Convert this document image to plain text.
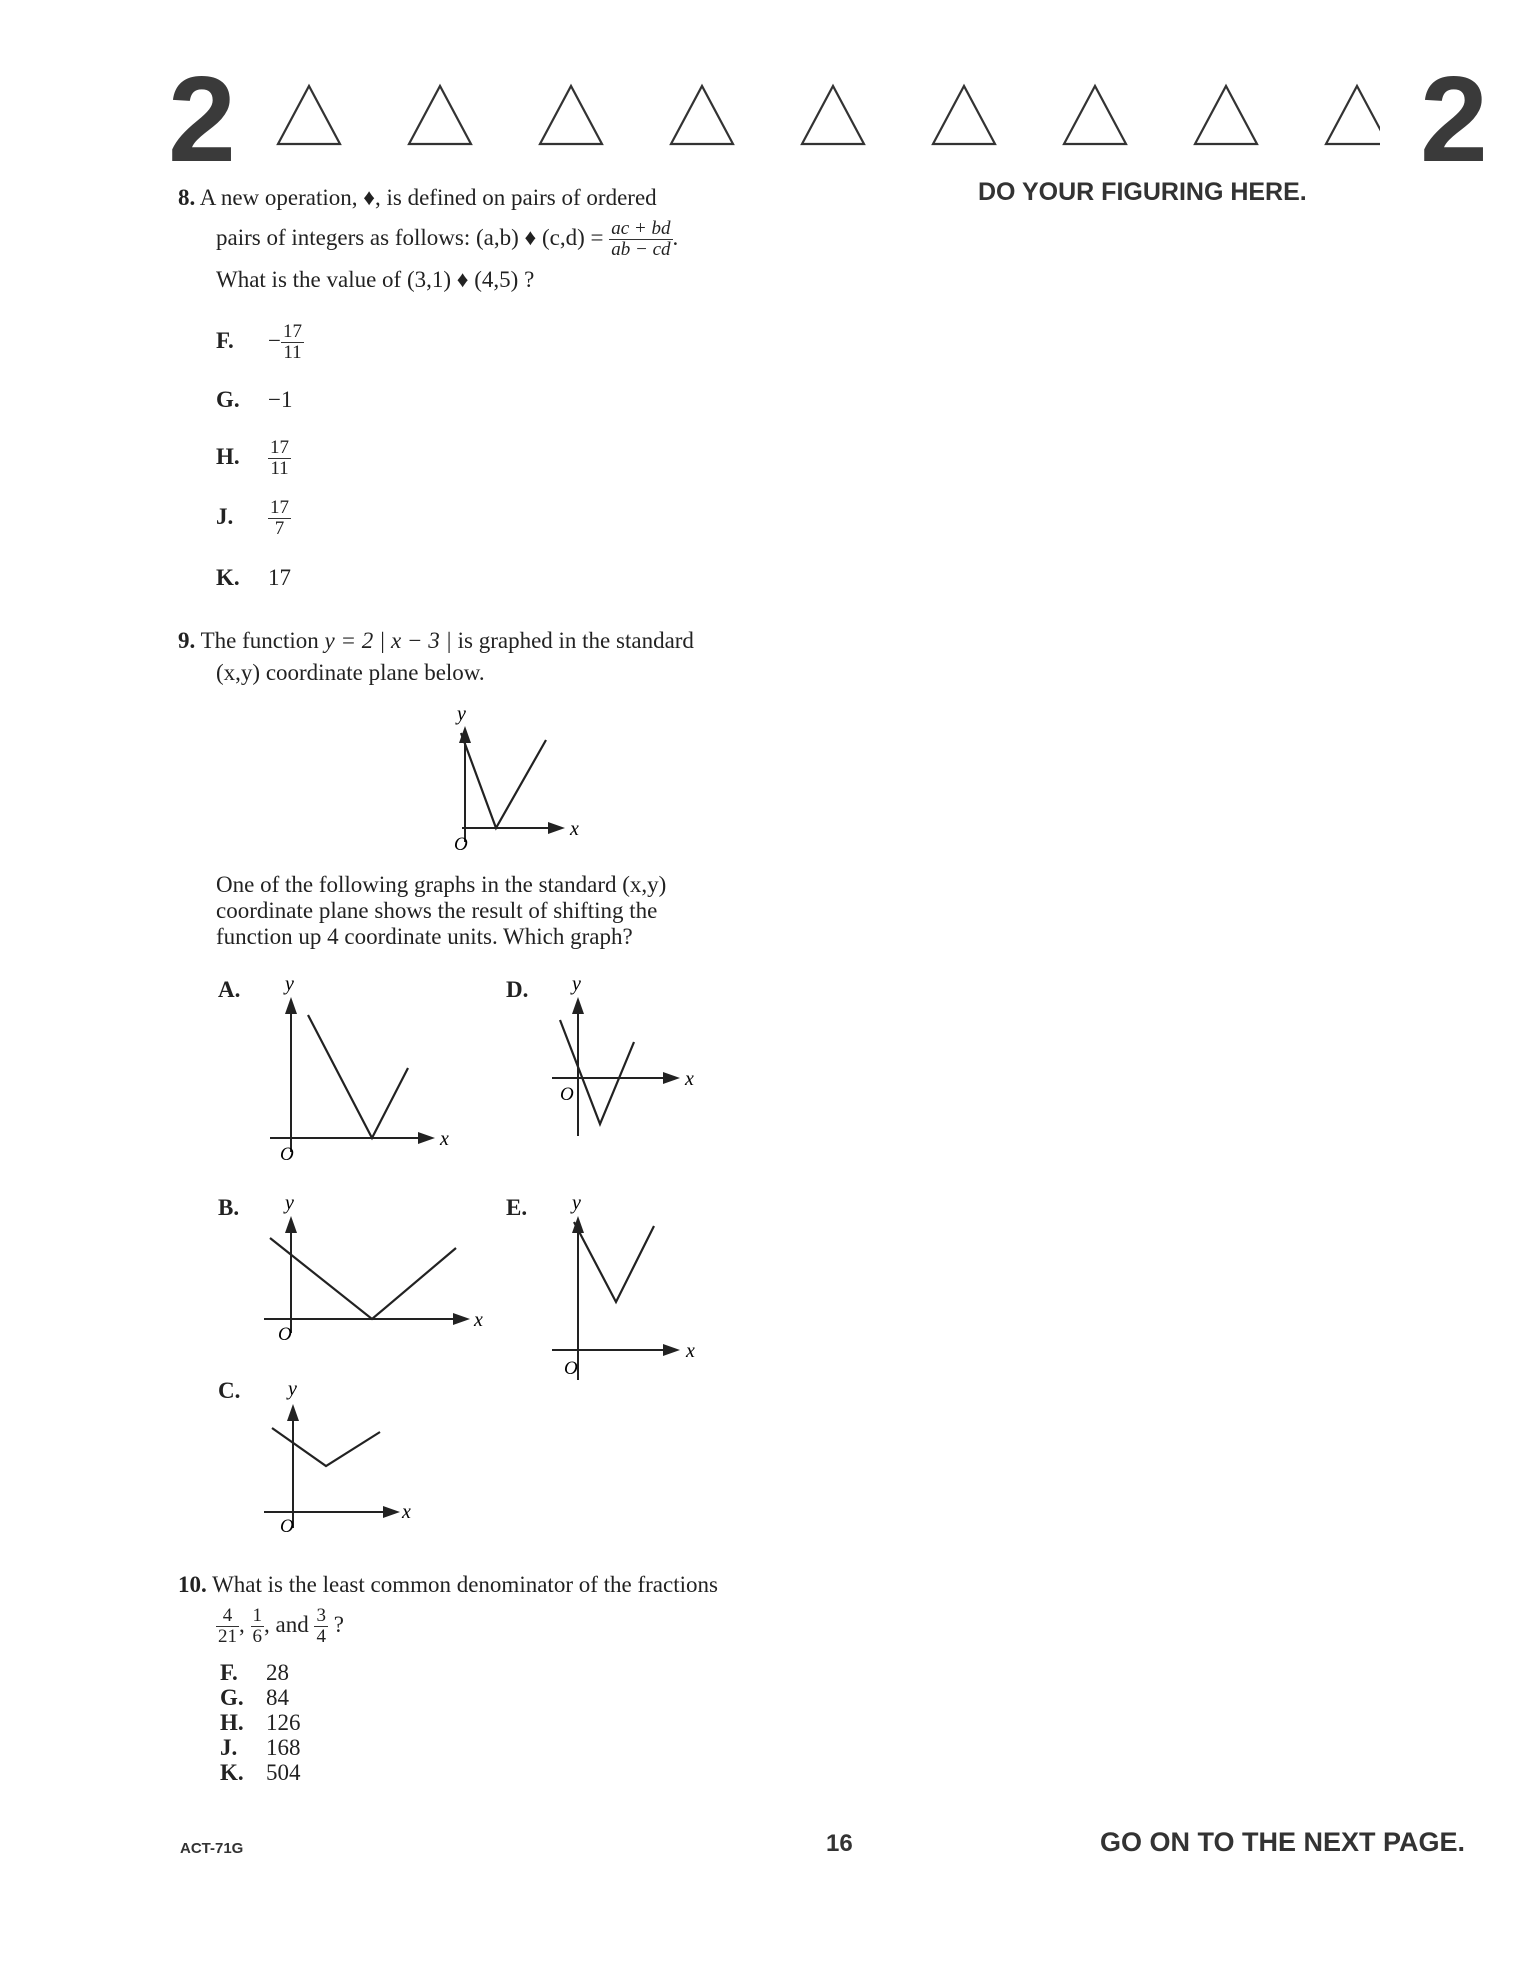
2	2
DO YOUR FIGURING HERE.
8. A new operation, ♦, is defined on pairs of ordered
pairs of integers as follows: (a,b) ♦ $(c,d) = \frac{ac + bd}{ab - cd}$ .
What is the value of (3,1) ♦ (4,5) ?
F. − $\frac{17}{11}$
G. −1
H. $\frac{17}{11}$
J. $\frac{17}{7}$
K. 17
9. The function y = 2 | x − 3 | is graphed in the standard
(x,y) coordinate plane below.
O
x
y
One of the following graphs in the standard (x,y)
coordinate plane shows the result of shifting the
function up 4 coordinate units. Which graph?
A.
O
x
y	D.
O
x
y
B.
O
x
y	E.
O
x
y
C.
O
x
y
10. What is the least common denominator of the fractions
$\frac{4}{21}$ , $\frac{1}{6}$ , and $\frac{3}{4}$ ?
F. 28
G. 84
H. 126
J. 168
K. 504
ACT-71G	16	GO ON TO THE NEXT PAGE.
